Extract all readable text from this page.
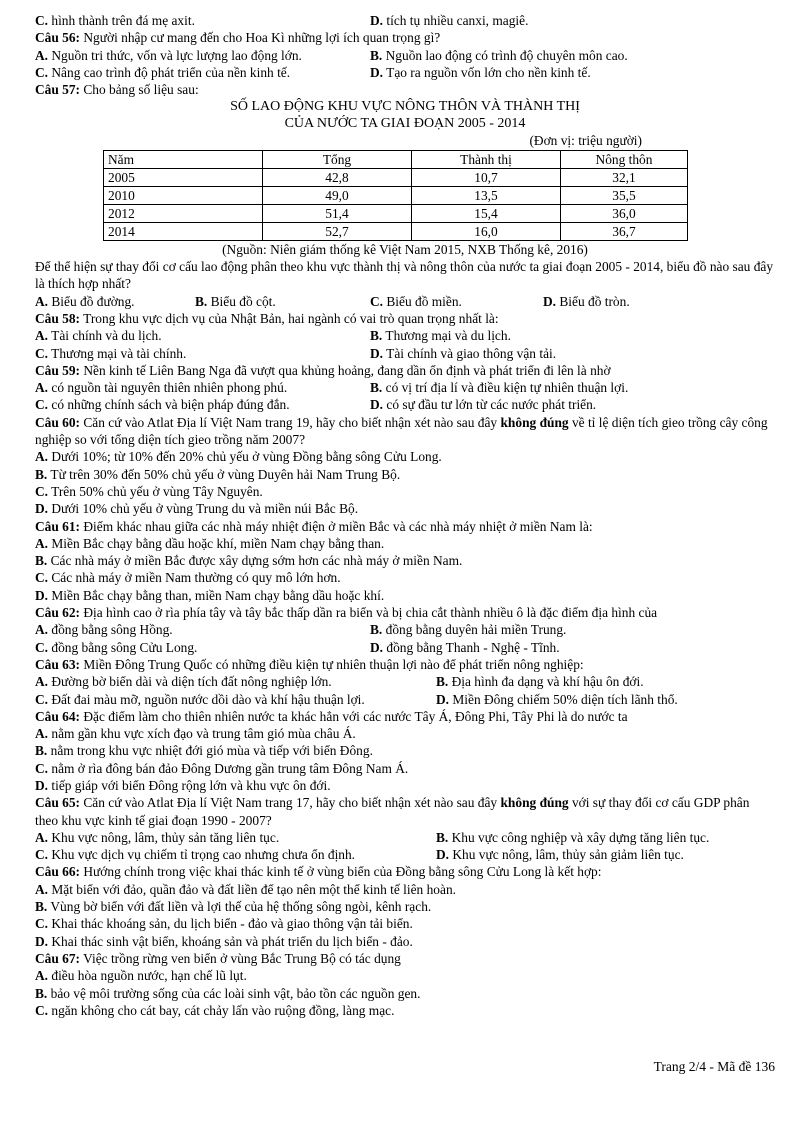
C. hình thành trên đá mẹ axit.	D. tích tụ nhiều canxi, magiê.
Câu 56: Người nhập cư mang đến cho Hoa Kì những lợi ích quan trọng gì?
A. Nguồn tri thức, vốn và lực lượng lao động lớn.	B. Nguồn lao động có trình độ chuyên môn cao.
C. Nâng cao trình độ phát triển của nền kinh tế.	D. Tạo ra nguồn vốn lớn cho nền kinh tế.
Câu 57: Cho bảng số liệu sau:
SỐ LAO ĐỘNG KHU VỰC NÔNG THÔN VÀ THÀNH THỊ
CỦA NƯỚC TA GIAI ĐOẠN 2005 - 2014
(Đơn vị: triệu người)
Năm	Tổng	Thành thị	Nông thôn
2005	42,8	10,7	32,1
2010	49,0	13,5	35,5
2012	51,4	15,4	36,0
2014	52,7	16,0	36,7
(Nguồn: Niên giám thống kê Việt Nam 2015, NXB Thống kê, 2016)
Để thể hiện sự thay đổi cơ cấu lao động phân theo khu vực thành thị và nông thôn của nước ta giai đoạn 2005 - 2014, biểu đồ nào sau đây là thích hợp nhất?
A. Biểu đồ đường.	B. Biểu đồ cột.	C. Biểu đồ miền.	D. Biểu đồ tròn.
Câu 58: Trong khu vực dịch vụ của Nhật Bản, hai ngành có vai trò quan trọng nhất là:
A. Tài chính và du lịch.	B. Thương mại và du lịch.
C. Thương mại và tài chính.	D. Tài chính và giao thông vận tải.
Câu 59: Nền kinh tế Liên Bang Nga đã vượt qua khủng hoảng, đang dần ổn định và phát triển đi lên là nhờ
A. có nguồn tài nguyên thiên nhiên phong phú.	B. có vị trí địa lí và điều kiện tự nhiên thuận lợi.
C. có những chính sách và biện pháp đúng đắn.	D. có sự đầu tư lớn từ các nước phát triển.
Câu 60: Căn cứ vào Atlat Địa lí Việt Nam trang 19, hãy cho biết nhận xét nào sau đây không đúng về tỉ lệ diện tích gieo trồng cây công nghiệp so với tổng diện tích gieo trồng năm 2007?
A. Dưới 10%; từ 10% đến 20% chủ yếu ở vùng Đồng bằng sông Cửu Long.
B. Từ trên 30% đến 50% chủ yếu ở vùng Duyên hải Nam Trung Bộ.
C. Trên 50% chủ yếu ở vùng Tây Nguyên.
D. Dưới 10% chủ yếu ở vùng Trung du và miền núi Bắc Bộ.
Câu 61: Điểm khác nhau giữa các nhà máy nhiệt điện ở miền Bắc và các nhà máy nhiệt ở miền Nam là:
A. Miền Bắc chạy bằng dầu hoặc khí, miền Nam chạy bằng than.
B. Các nhà máy ở miền Bắc được xây dựng sớm hơn các nhà máy ở miền Nam.
C. Các nhà máy ở miền Nam thường có quy mô lớn hơn.
D. Miền Bắc chạy bằng than, miền Nam chạy bằng dầu hoặc khí.
Câu 62: Địa hình cao ở rìa phía tây và tây bắc thấp dần ra biển và bị chia cắt thành nhiều ô là đặc điểm địa hình của
A. đồng bằng sông Hồng.	B. đồng bằng duyên hải miền Trung.
C. đồng bằng sông Cửu Long.	D. đồng bằng Thanh - Nghệ - Tĩnh.
Câu 63: Miền Đông Trung Quốc có những điều kiện tự nhiên thuận lợi nào để phát triển nông nghiệp:
A. Đường bờ biển dài và diện tích đất nông nghiệp lớn.	B. Địa hình đa dạng và khí hậu ôn đới.
C. Đất đai màu mỡ, nguồn nước dồi dào và khí hậu thuận lợi.	D. Miền Đông chiếm 50% diện tích lãnh thổ.
Câu 64: Đặc điểm làm cho thiên nhiên nước ta khác hẳn với các nước Tây Á, Đông Phi, Tây Phi là do nước ta
A. nằm gần khu vực xích đạo và trung tâm gió mùa châu Á.
B. nằm trong khu vực nhiệt đới gió mùa và tiếp với biển Đông.
C. nằm ở rìa đông bán đảo Đông Dương gần trung tâm Đông Nam Á.
D. tiếp giáp với biển Đông rộng lớn và khu vực ôn đới.
Câu 65: Căn cứ vào Atlat Địa lí Việt Nam trang 17, hãy cho biết nhận xét nào sau đây không đúng với sự thay đổi cơ cấu GDP phân theo khu vực kinh tế giai đoạn 1990 - 2007?
A. Khu vực nông, lâm, thủy sản tăng liên tục.	B. Khu vực công nghiệp và xây dựng tăng liên tục.
C. Khu vực dịch vụ chiếm tỉ trọng cao nhưng chưa ổn định.	D. Khu vực nông, lâm, thủy sản giảm liên tục.
Câu 66: Hướng chính trong việc khai thác kinh tế ở vùng biển của Đồng bằng sông Cửu Long là kết hợp:
A. Mặt biển với đảo, quần đảo và đất liền để tạo nên một thể kinh tế liên hoàn.
B. Vùng bờ biển với đất liền và lợi thế của hệ thống sông ngòi, kênh rạch.
C. Khai thác khoáng sản, du lịch biển - đảo và giao thông vận tải biển.
D. Khai thác sinh vật biển, khoáng sản và phát triển du lịch biển - đảo.
Câu 67: Việc trồng rừng ven biển ở vùng Bắc Trung Bộ có tác dụng
A. điều hòa nguồn nước, hạn chế lũ lụt.
B. bảo vệ môi trường sống của các loài sinh vật, bảo tồn các nguồn gen.
C. ngăn không cho cát bay, cát chảy lấn vào ruộng đồng, làng mạc.
Trang 2/4 - Mã đề 136
